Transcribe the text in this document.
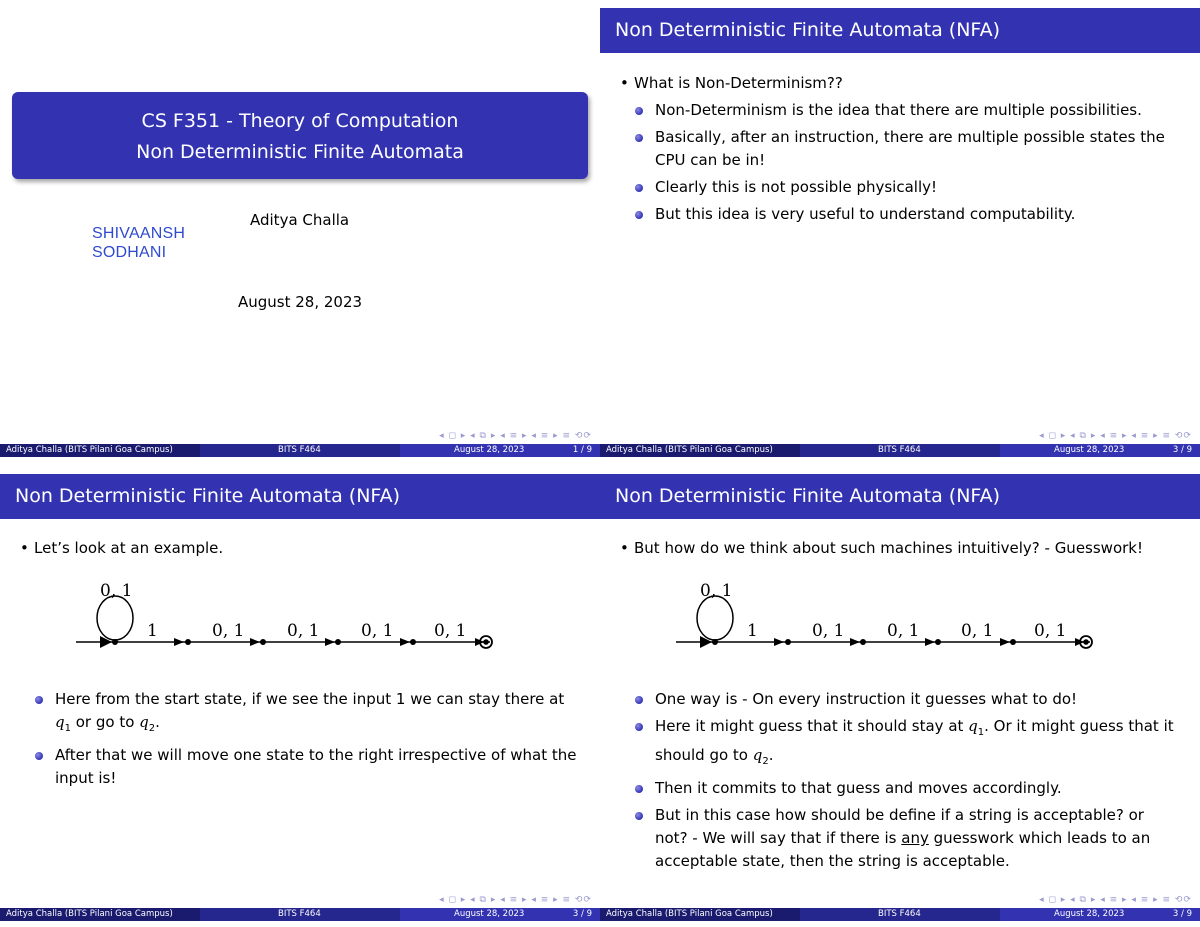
CS F351 - Theory of Computation
Non Deterministic Finite Automata
SHIVAANSH
SODHANI
Aditya Challa
August 28, 2023
◂ ◻ ▸ ◂ ⧉ ▸ ◂ ≡ ▸ ◂ ≡ ▸ ≡ ⟲⟳
Aditya Challa (BITS Pilani Goa Campus)	BITS F464	August 28, 2023	1 / 9
Non Deterministic Finite Automata (NFA)
• What is Non-Determinism??
Non-Determinism is the idea that there are multiple possibilities.
Basically, after an instruction, there are multiple possible states the CPU can be in!
Clearly this is not possible physically!
But this idea is very useful to understand computability.
◂ ◻ ▸ ◂ ⧉ ▸ ◂ ≡ ▸ ◂ ≡ ▸ ≡ ⟲⟳
Aditya Challa (BITS Pilani Goa Campus)	BITS F464	August 28, 2023	3 / 9
Non Deterministic Finite Automata (NFA)
• Let’s look at an example.
0, 1
1	0, 1	0, 1 0, 1 0, 1
Here from the start state, if we see the input 1 we can stay there at $q_1$ or go to $q_2$.
After that we will move one state to the right irrespective of what the input is!
◂ ◻ ▸ ◂ ⧉ ▸ ◂ ≡ ▸ ◂ ≡ ▸ ≡ ⟲⟳
Aditya Challa (BITS Pilani Goa Campus)	BITS F464	August 28, 2023	3 / 9
Non Deterministic Finite Automata (NFA)
• But how do we think about such machines intuitively? - Guesswork!
0, 1
1	0, 1	0, 1 0, 1 0, 1
One way is - On every instruction it guesses what to do!
Here it might guess that it should stay at $q_1$. Or it might guess that it should go to $q_2$.
Then it commits to that guess and moves accordingly.
But in this case how should be define if a string is acceptable? or not? - We will say that if there is any guesswork which leads to an acceptable state, then the string is acceptable.
◂ ◻ ▸ ◂ ⧉ ▸ ◂ ≡ ▸ ◂ ≡ ▸ ≡ ⟲⟳
Aditya Challa (BITS Pilani Goa Campus)	BITS F464	August 28, 2023	3 / 9
